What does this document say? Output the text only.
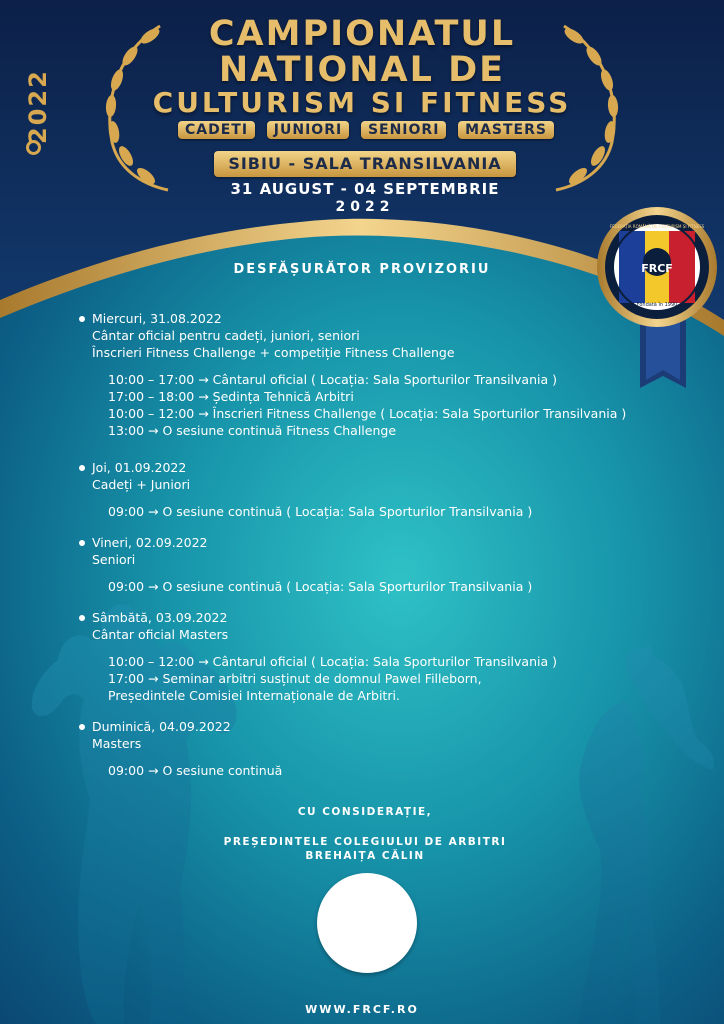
2022
CAMPIONATUL
NATIONAL DE
CULTURISM SI FITNESS
CADETI	JUNIORI	SENIORI	MASTERS
SIBIU - SALA TRANSILVANIA
31 AUGUST - 04 SEPTEMBRIE
2022
FRCF
Fondată în 1990
FEDERAȚIA ROMÂNĂ DE CULTURISM ȘI FITNESS
DESFĂȘURĂTOR PROVIZORIU
Miercuri, 31.08.2022
Cântar oficial pentru cadeți, juniori, seniori
Înscrieri Fitness Challenge + competiție Fitness Challenge
10:00 – 17:00 → Cântarul oficial ( Locația: Sala Sporturilor Transilvania )
17:00 – 18:00 → Ședința Tehnică Arbitri
10:00 – 12:00 → Înscrieri Fitness Challenge ( Locația: Sala Sporturilor Transilvania )
13:00 → O sesiune continuă Fitness Challenge
Joi, 01.09.2022
Cadeți + Juniori
09:00 → O sesiune continuă ( Locația: Sala Sporturilor Transilvania )
Vineri, 02.09.2022
Seniori
09:00 → O sesiune continuă ( Locația: Sala Sporturilor Transilvania )
Sâmbătă, 03.09.2022
Cântar oficial Masters
10:00 – 12:00 → Cântarul oficial ( Locația: Sala Sporturilor Transilvania )
17:00 → Seminar arbitri susținut de domnul Pawel Filleborn,
Președintele Comisiei Internaționale de Arbitri.
Duminică, 04.09.2022
Masters
09:00 → O sesiune continuă
CU CONSIDERAȚIE,
PREȘEDINTELE COLEGIULUI DE ARBITRI
BREHAIȚA CĂLIN
WWW.FRCF.RO
